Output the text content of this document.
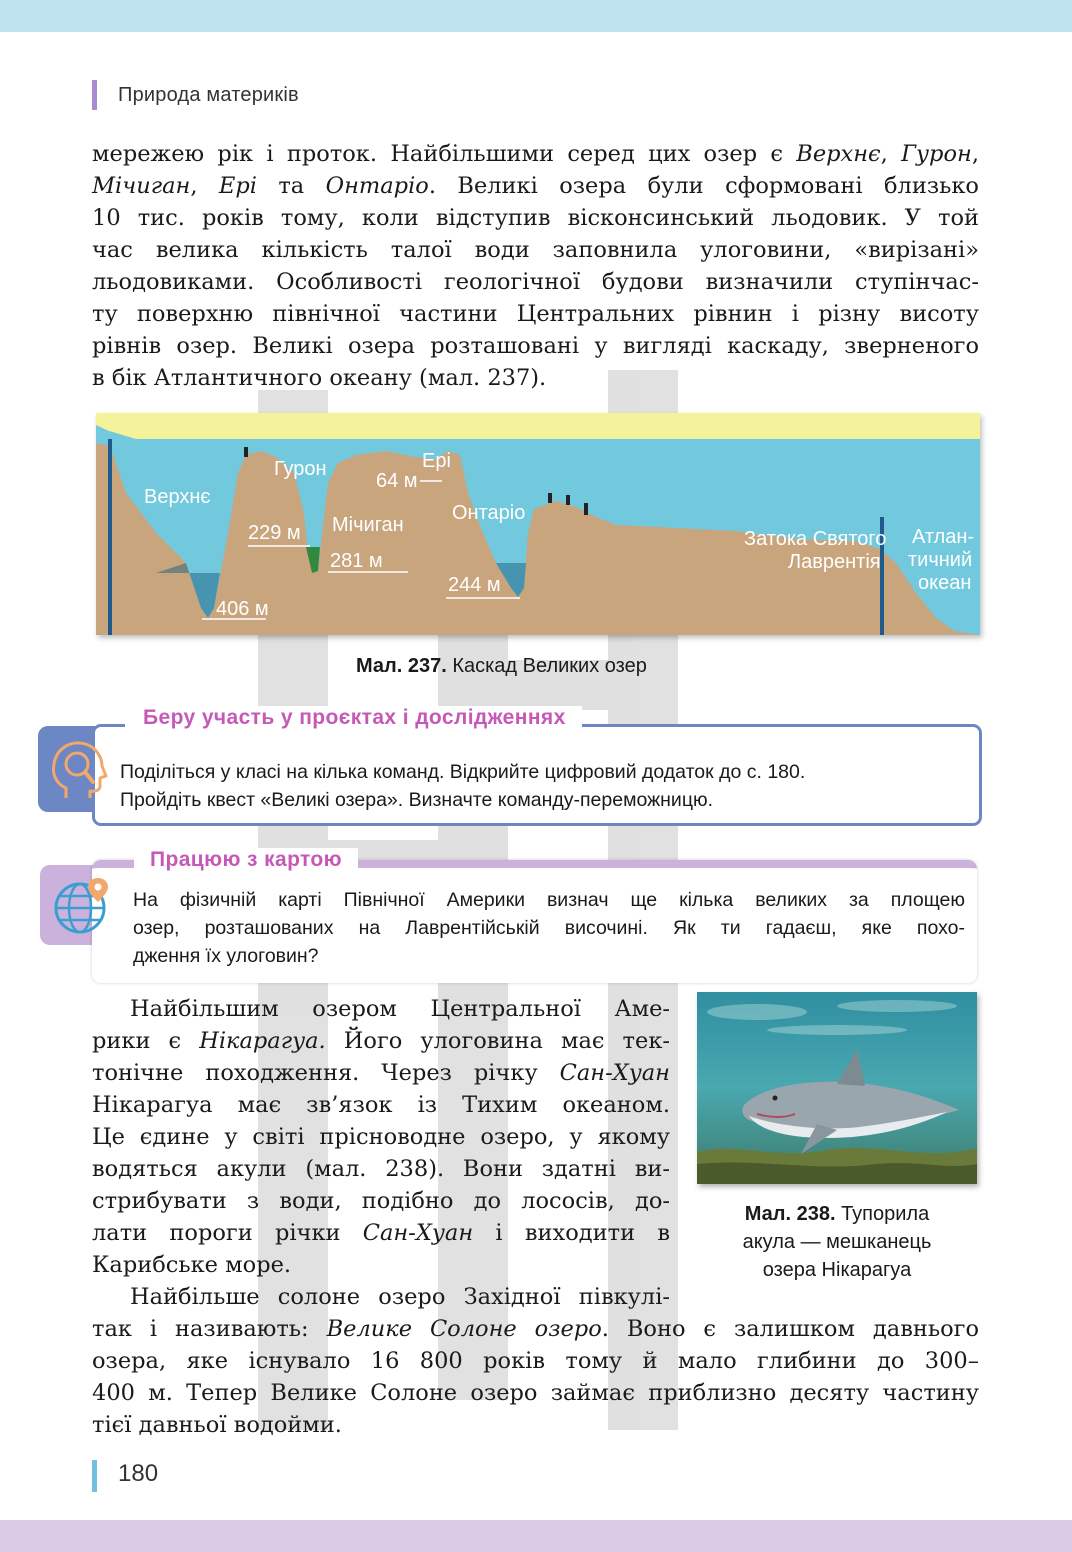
Природа материків
мережею рік і проток. Найбільшими серед цих озер є Верхнє, Гурон,
Мічиган, Ері та Онтаріо. Великі озера були сформовані близько
10 тис. років тому, коли відступив вісконсинський льодовик. У той
час велика кількість талої води заповнила улоговини, «вирізані»
льодовиками. Особливості геологічної будови визначили ступінчас-
ту поверхню північної частини Центральних рівнин і різну висоту
рівнів озер. Великі озера розташовані у вигляді каскаду, зверненого
в бік Атлантичного океану (мал. 237).
Верхнє
Гурон
Мічиган
Ері
Онтаріо
Затока Святого
Лаврентія
Атлан-
тичний
океан
406 м
229 м
281 м
64 м
244 м
Мал. 237. Каскад Великих озер
Беру участь у проєктах і дослідженнях
Поділіться у класі на кілька команд. Відкрийте цифровий додаток до с. 180.
Пройдіть квест «Великі озера». Визначте команду-переможницю.
Працюю з картою
На фізичній карті Північної Америки визнач ще кілька великих за площею
озер, розташованих на Лаврентійській височині. Як ти гадаєш, яке похо-
дження їх улоговин?
Найбільшим озером Центральної Аме-
рики є Нікарагуа. Його улоговина має тек-
тонічне походження. Через річку Сан-Хуан
Нікарагуа має зв’язок із Тихим океаном.
Це єдине у світі прісноводне озеро, у якому
водяться акули (мал. 238). Вони здатні ви-
стрибувати з води, подібно до лососів, до-
лати пороги річки Сан-Хуан і виходити в
Карибське море.
Найбільше солоне озеро Західної півкулі-
Мал. 238. Тупорила
акула — мешканець
озера Нікарагуа
так і називають: Велике Солоне озеро. Воно є залишком давнього
озера, яке існувало 16 800 років тому й мало глибини до 300–
400 м. Тепер Велике Солоне озеро займає приблизно десяту частину
тієї давньої водойми.
180
